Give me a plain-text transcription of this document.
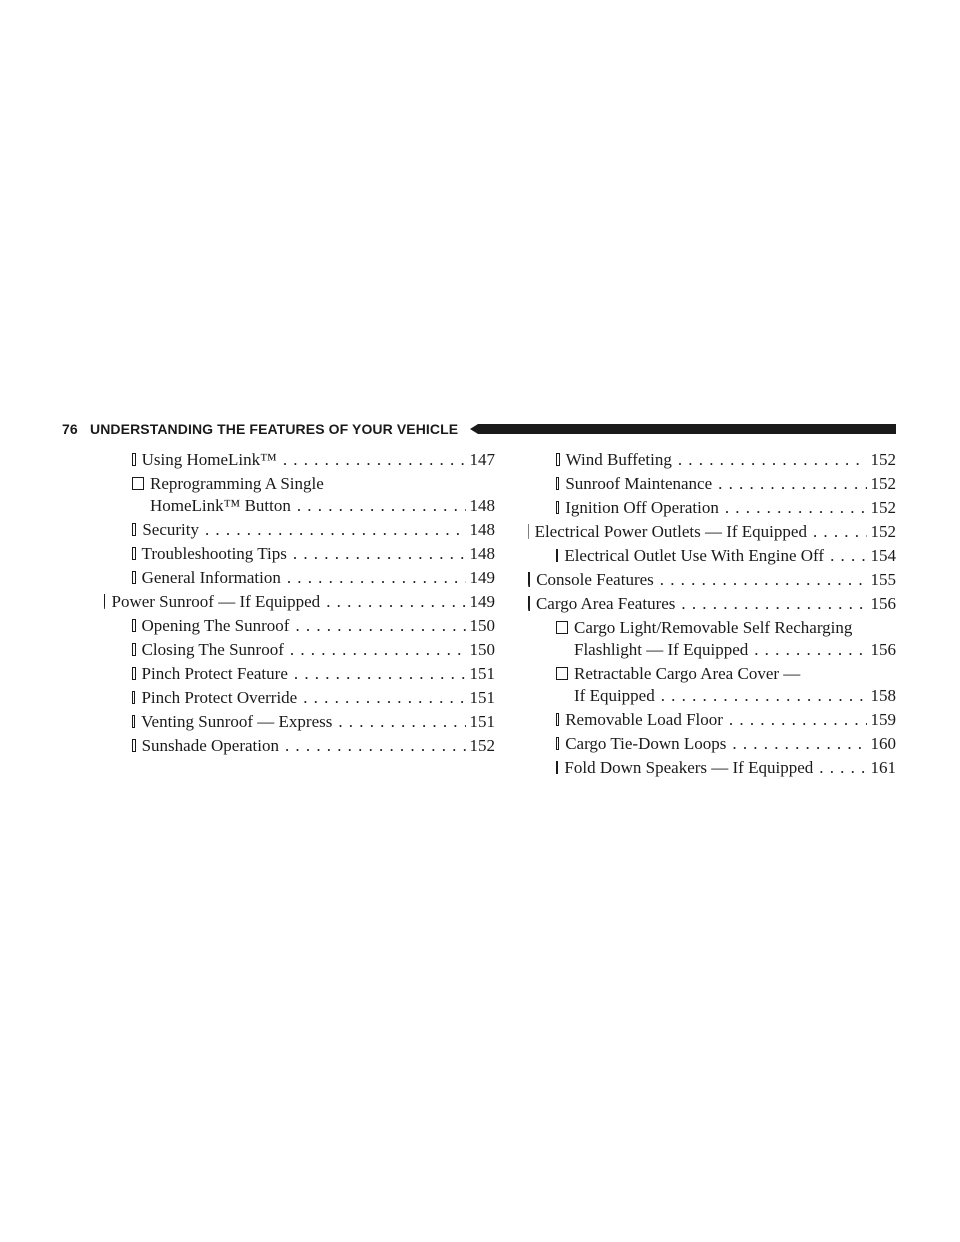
76 UNDERSTANDING THE FEATURES OF YOUR VEHICLE
Using HomeLink™ .....	147
Reprogramming A Single
HomeLink™ Button .....	148
Security .....	148
Troubleshooting Tips .....	148
General Information .....	149
Power Sunroof — If Equipped .....	149
Opening The Sunroof .....	150
Closing The Sunroof .....	150
Pinch Protect Feature .....	151
Pinch Protect Override .....	151
Venting Sunroof — Express .....	151
Sunshade Operation .....	152
Wind Buffeting .....	152
Sunroof Maintenance .....	152
Ignition Off Operation .....	152
Electrical Power Outlets — If Equipped .....	152
Electrical Outlet Use With Engine Off .....	154
Console Features .....	155
Cargo Area Features .....	156
Cargo Light/Removable Self Recharging
Flashlight — If Equipped .....	156
Retractable Cargo Area Cover —
If Equipped .....	158
Removable Load Floor .....	159
Cargo Tie-Down Loops .....	160
Fold Down Speakers — If Equipped .....	161
